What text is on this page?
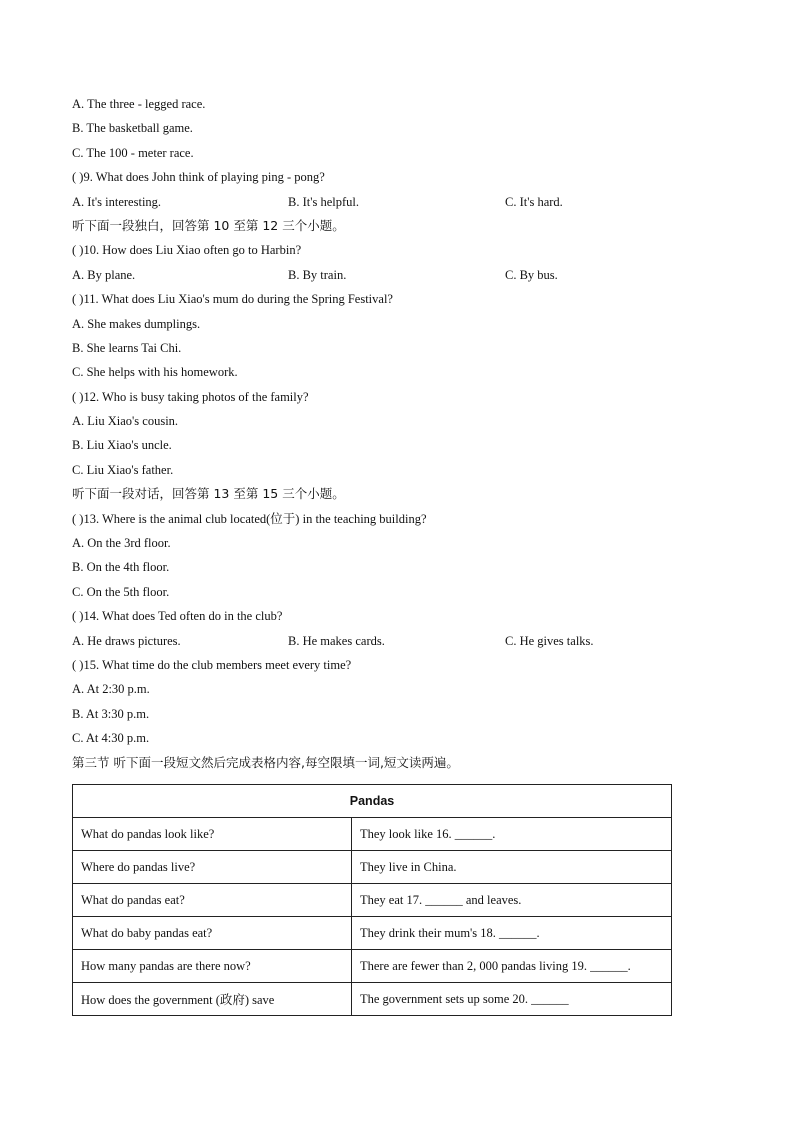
A. The three - legged race.
B. The basketball game.
C. The 100 - meter race.
( )9. What does John think of playing ping - pong?
A. It's interesting.	B. It's helpful.	C. It's hard.
听下面一段独白，回答第 10 至第 12 三个小题。
( )10. How does Liu Xiao often go to Harbin?
A. By plane.	B. By train.	C. By bus.
( )11. What does Liu Xiao's mum do during the Spring Festival?
A. She makes dumplings.
B. She learns Tai Chi.
C. She helps with his homework.
( )12. Who is busy taking photos of the family?
A. Liu Xiao's cousin.
B. Liu Xiao's uncle.
C. Liu Xiao's father.
听下面一段对话，回答第 13 至第 15 三个小题。
( )13. Where is the animal club located(位于) in the teaching building?
A. On the 3rd floor.
B. On the 4th floor.
C. On the 5th floor.
( )14. What does Ted often do in the club?
A. He draws pictures.	B. He makes cards.	C. He gives talks.
( )15. What time do the club members meet every time?
A. At 2:30 p.m.
B. At 3:30 p.m.
C. At 4:30 p.m.
第三节 听下面一段短文然后完成表格内容,每空限填一词,短文读两遍。
Pandas	
What do pandas look like?	They look like 16. ______.
Where do pandas live?	They live in China.
What do pandas eat?	They eat 17. ______ and leaves.
What do baby pandas eat?	They drink their mum's 18. ______.
How many pandas are there now?	There are fewer than 2, 000 pandas living 19. ______.
How does the government (政府) save	The government sets up some 20. ______
